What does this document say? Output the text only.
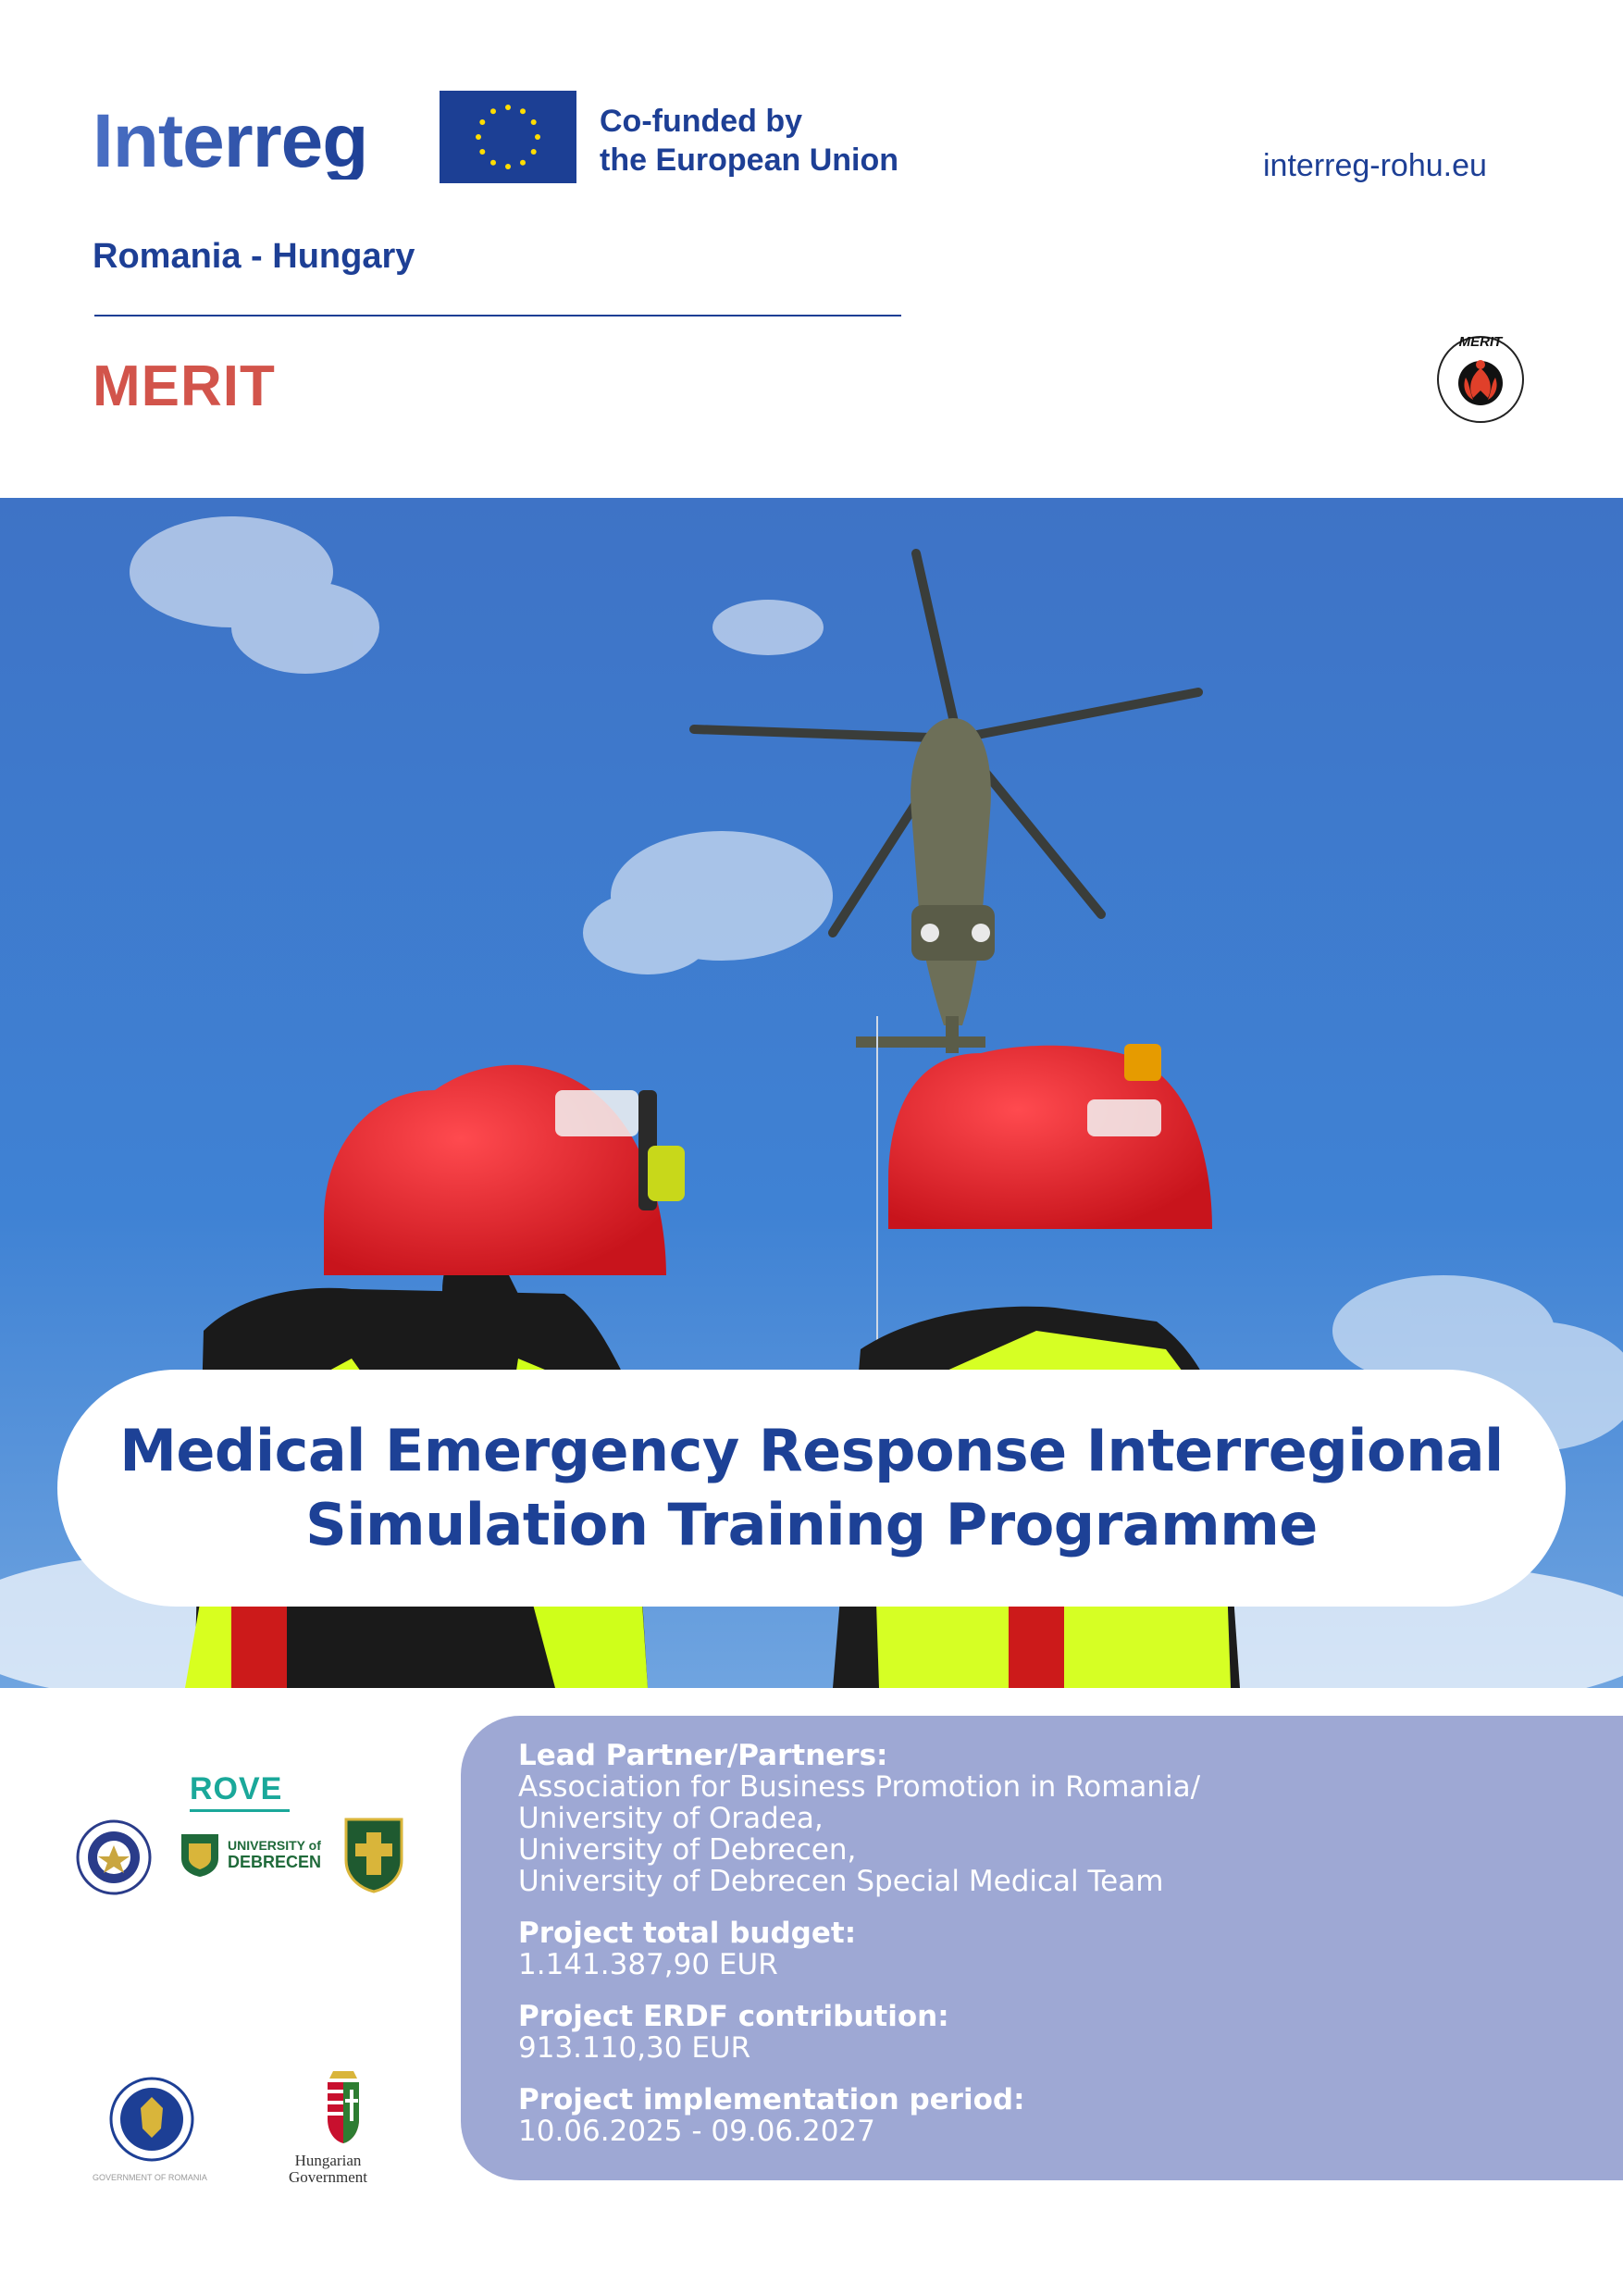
Interreg	Co-funded by
the European Union	interreg-rohu.eu
Romania - Hungary
MERIT
MERIT
Medical Emergency Response Interregional
Simulation Training Programme
ROVE
UNIVERSITY of
DEBRECEN
GOVERNMENT OF ROMANIA
Hungarian
Government
Lead Partner/Partners:
Association for Business Promotion in Romania/
University of Oradea,
University of Debrecen,
University of Debrecen Special Medical Team
Project total budget:
1.141.387,90 EUR
Project ERDF contribution:
913.110,30 EUR
Project implementation period:
10.06.2025 - 09.06.2027
